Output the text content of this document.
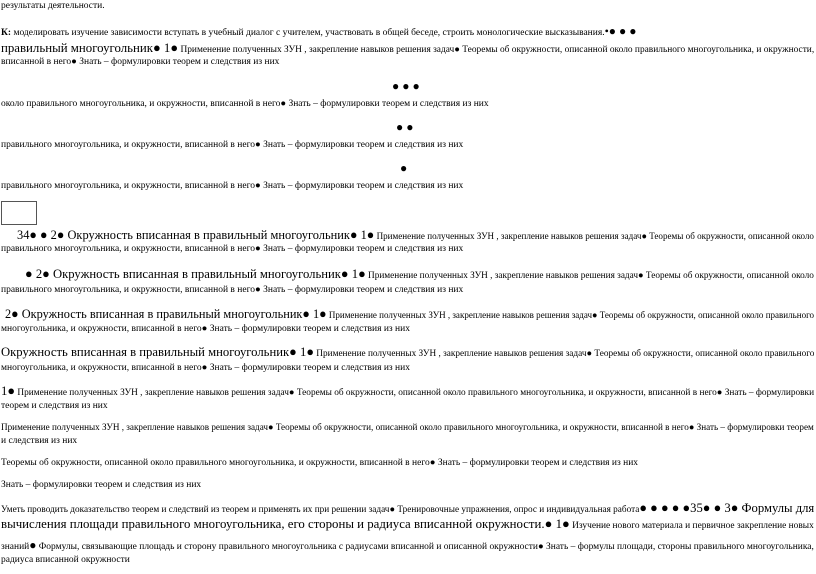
результаты деятельности.
К: моделировать изучение зависимости вступать в учебный диалог с учителем, участвовать в общей беседе, строить монологические высказывания.•● ● ●
правильный многоугольник● 1● Применение полученных ЗУН , закрепление навыков решения задач● Теоремы об окружности, описанной около правильного многоугольника, и окружности,
вписанной в него● Знать – формулировки теорем и следствия из них
● ● ●
около правильного многоугольника, и окружности, вписанной в него● Знать – формулировки теорем и следствия из них
● ●
правильного многоугольника, и окружности, вписанной в него● Знать – формулировки теорем и следствия из них
●
правильного многоугольника, и окружности, вписанной в него● Знать – формулировки теорем и следствия из них
34● ● 2● Окружность вписанная в правильный многоугольник● 1● Применение полученных ЗУН , закрепление навыков решения задач● Теоремы об окружности, описанной около
правильного многоугольника, и окружности, вписанной в него● Знать – формулировки теорем и следствия из них
● 2● Окружность вписанная в правильный многоугольник● 1● Применение полученных ЗУН , закрепление навыков решения задач● Теоремы об окружности, описанной около
правильного многоугольника, и окружности, вписанной в него● Знать – формулировки теорем и следствия из них
2● Окружность вписанная в правильный многоугольник● 1● Применение полученных ЗУН , закрепление навыков решения задач● Теоремы об окружности, описанной около правильного
многоугольника, и окружности, вписанной в него● Знать – формулировки теорем и следствия из них
Окружность вписанная в правильный многоугольник● 1● Применение полученных ЗУН , закрепление навыков решения задач● Теоремы об окружности, описанной около правильного
многоугольника, и окружности, вписанной в него● Знать – формулировки теорем и следствия из них
1● Применение полученных ЗУН , закрепление навыков решения задач● Теоремы об окружности, описанной около правильного многоугольника, и окружности, вписанной в него● Знать – формулировки
теорем и следствия из них
Применение полученных ЗУН , закрепление навыков решения задач● Теоремы об окружности, описанной около правильного многоугольника, и окружности, вписанной в него● Знать – формулировки теорем
и следствия из них
Теоремы об окружности, описанной около правильного многоугольника, и окружности, вписанной в него● Знать – формулировки теорем и следствия из них
Знать – формулировки теорем и следствия из них
Уметь проводить доказательство теорем и следствий из теорем и применять их при решении задач● Тренировочные упражнения, опрос и индивидуальная работа● ● ● ● ●35● ● 3● Формулы для
вычисления площади правильного многоугольника, его стороны и радиуса вписанной окружности.● 1● Изучение нового материала и первичное закрепление новых
знаний● Формулы, связывающие площадь и сторону правильного многоугольника с радиусами вписанной и описанной окружности● Знать – формулы площади, стороны правильного многоугольника,
радиуса вписанной окружности
